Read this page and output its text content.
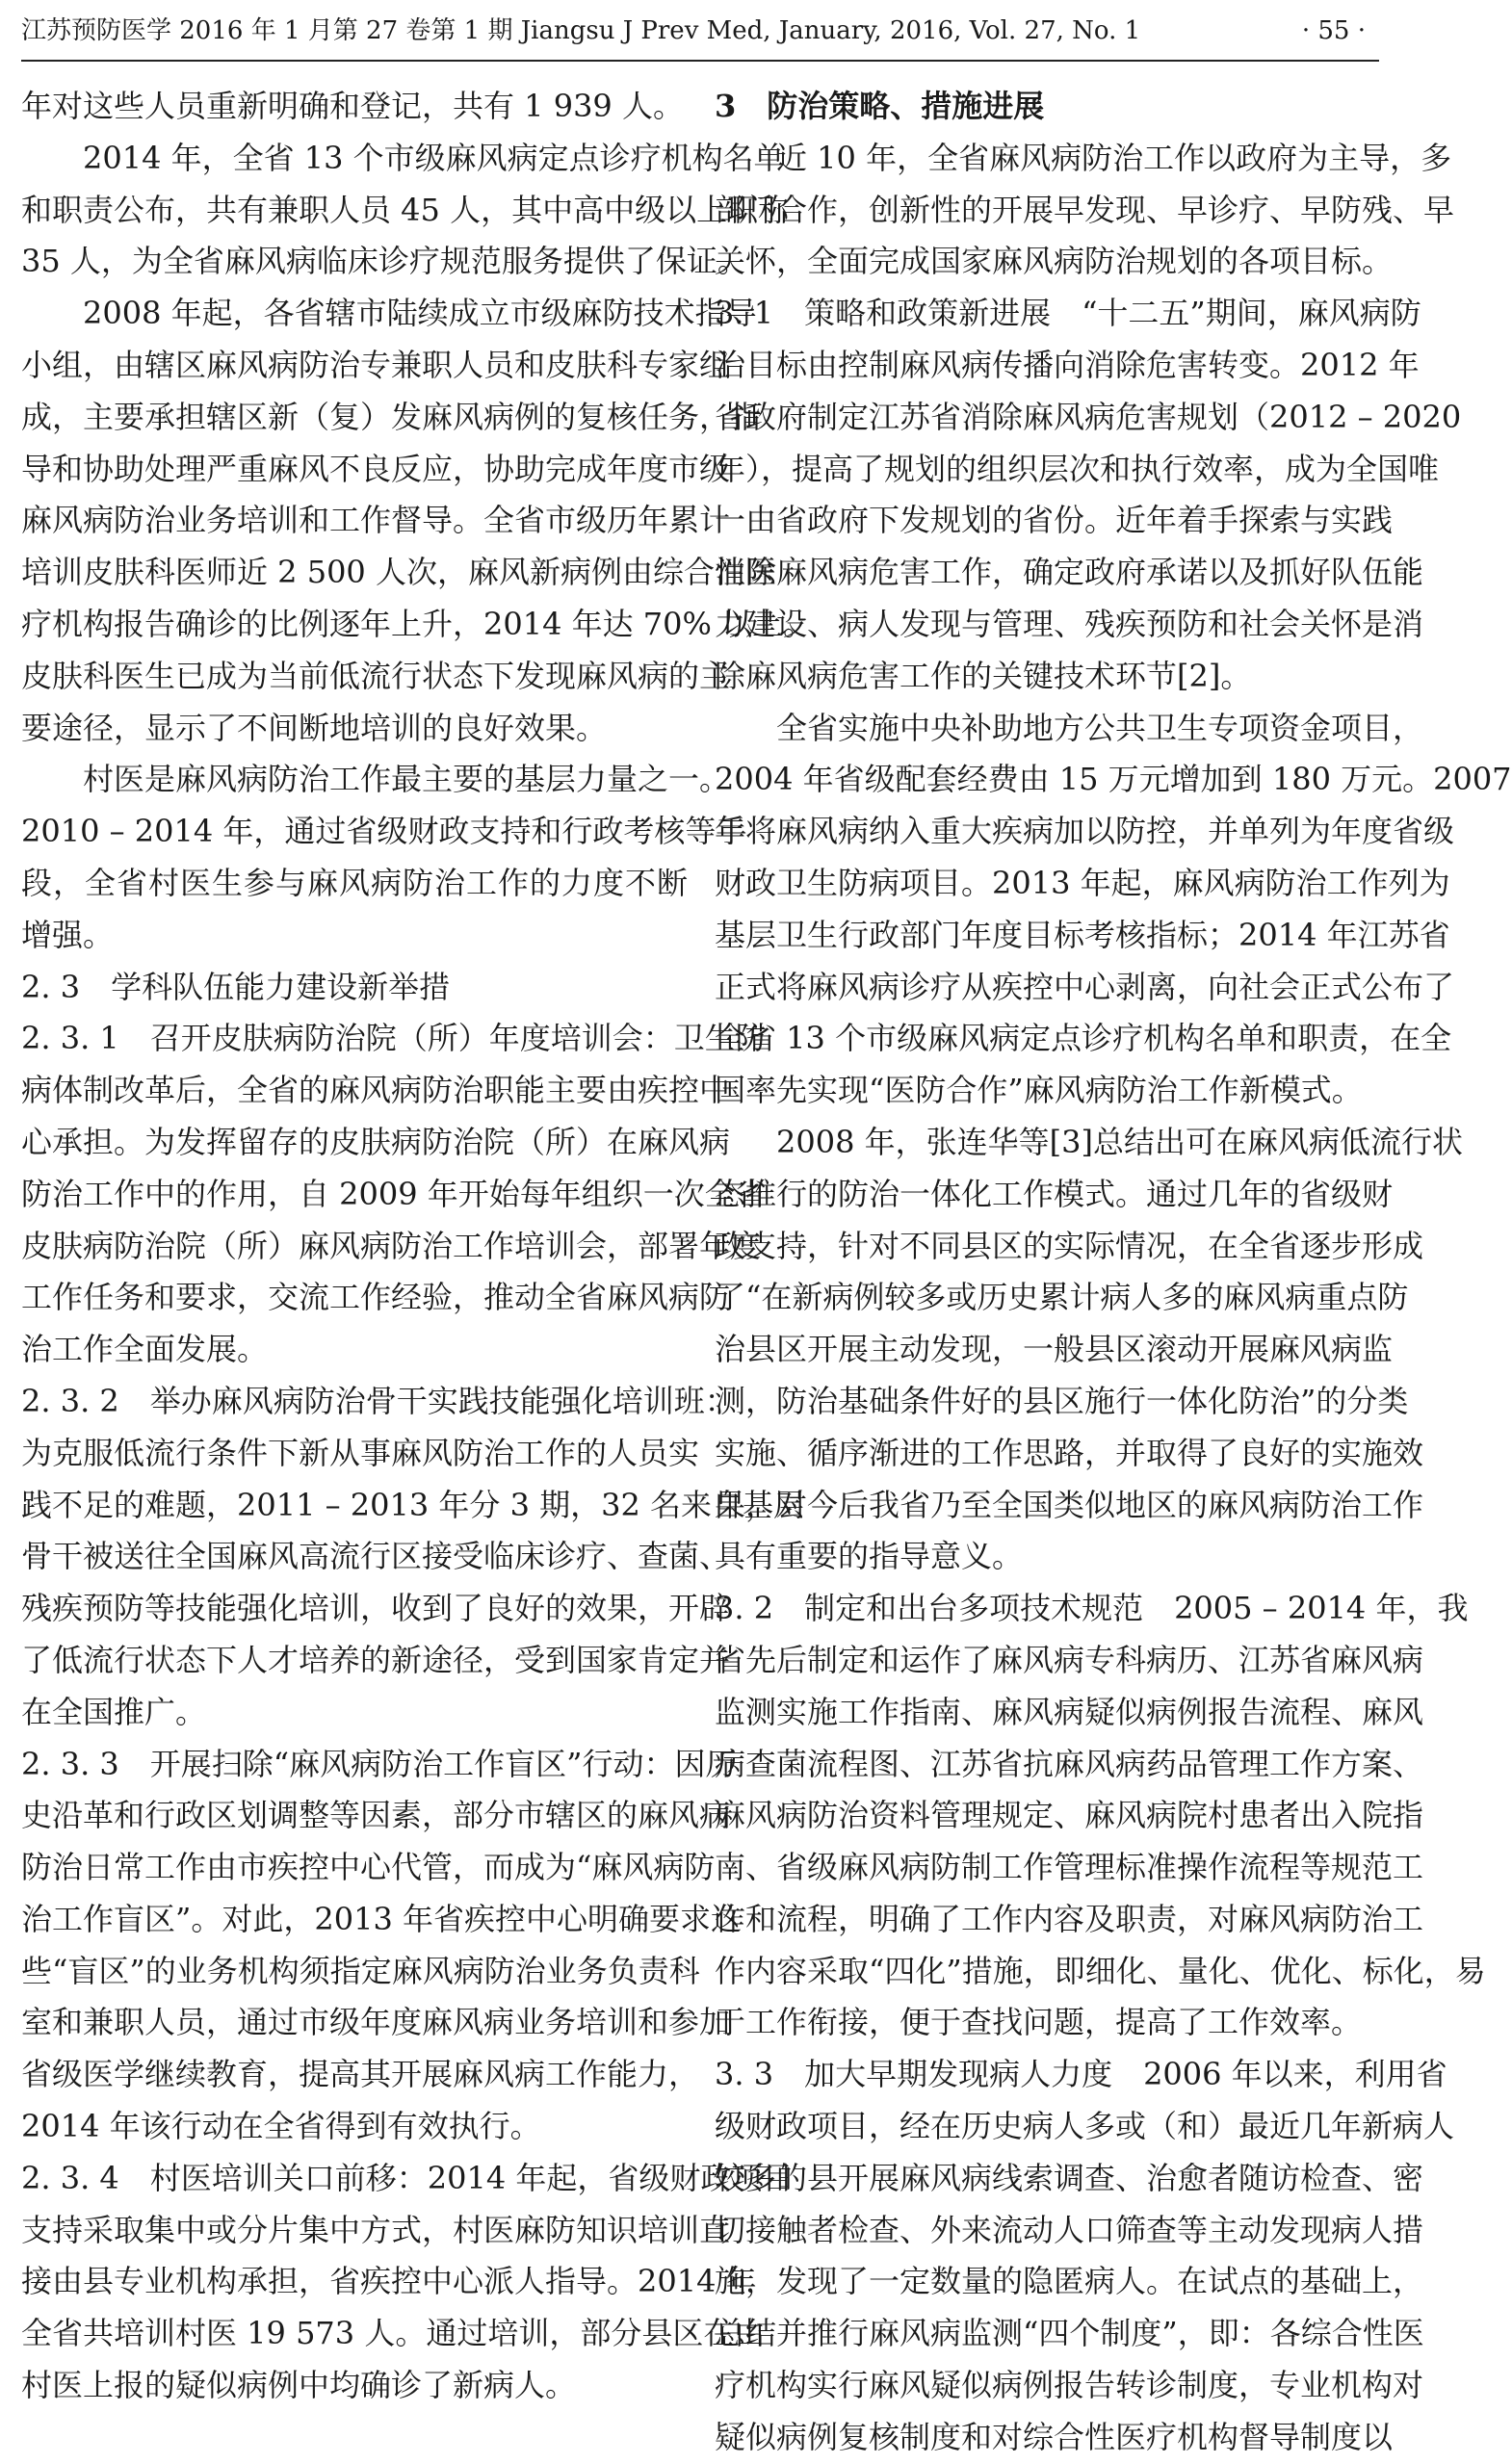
江苏预防医学 2016 年 1 月第 27 卷第 1 期 Jiangsu J Prev Med, January, 2016, Vol. 27, No. 1	· 55 ·
年对这些人员重新明确和登记，共有 1 939 人。
2014 年，全省 13 个市级麻风病定点诊疗机构名单
和职责公布，共有兼职人员 45 人，其中高中级以上职称
35 人，为全省麻风病临床诊疗规范服务提供了保证。
2008 年起，各省辖市陆续成立市级麻防技术指导
小组，由辖区麻风病防治专兼职人员和皮肤科专家组
成，主要承担辖区新（复）发麻风病例的复核任务，指
导和协助处理严重麻风不良反应，协助完成年度市级
麻风病防治业务培训和工作督导。全省市级历年累计
培训皮肤科医师近 2 500 人次，麻风新病例由综合性医
疗机构报告确诊的比例逐年上升，2014 年达 70% 以上。
皮肤科医生已成为当前低流行状态下发现麻风病的主
要途径，显示了不间断地培训的良好效果。
村医是麻风病防治工作最主要的基层力量之一。
2010 – 2014 年，通过省级财政支持和行政考核等手
段，全省村医生参与麻风病防治工作的力度不断
增强。
2. 3　学科队伍能力建设新举措
2. 3. 1　召开皮肤病防治院（所）年度培训会：卫生防
病体制改革后，全省的麻风病防治职能主要由疾控中
心承担。为发挥留存的皮肤病防治院（所）在麻风病
防治工作中的作用，自 2009 年开始每年组织一次全省
皮肤病防治院（所）麻风病防治工作培训会，部署年度
工作任务和要求，交流工作经验，推动全省麻风病防
治工作全面发展。
2. 3. 2　举办麻风病防治骨干实践技能强化培训班：
为克服低流行条件下新从事麻风防治工作的人员实
践不足的难题，2011 – 2013 年分 3 期，32 名来自基层
骨干被送往全国麻风高流行区接受临床诊疗、查菌、
残疾预防等技能强化培训，收到了良好的效果，开辟
了低流行状态下人才培养的新途径，受到国家肯定并
在全国推广。
2. 3. 3　开展扫除“麻风病防治工作盲区”行动：因历
史沿革和行政区划调整等因素，部分市辖区的麻风病
防治日常工作由市疾控中心代管，而成为“麻风病防
治工作盲区”。对此，2013 年省疾控中心明确要求这
些“盲区”的业务机构须指定麻风病防治业务负责科
室和兼职人员，通过市级年度麻风病业务培训和参加
省级医学继续教育，提高其开展麻风病工作能力，
2014 年该行动在全省得到有效执行。
2. 3. 4　村医培训关口前移：2014 年起，省级财政项目
支持采取集中或分片集中方式，村医麻防知识培训直
接由县专业机构承担，省疾控中心派人指导。2014 年
全省共培训村医 19 573 人。通过培训，部分县区在由
村医上报的疑似病例中均确诊了新病人。
3　防治策略、措施进展
近 10 年，全省麻风病防治工作以政府为主导，多
部门合作，创新性的开展早发现、早诊疗、早防残、早
关怀，全面完成国家麻风病防治规划的各项目标。
3. 1　策略和政策新进展　“十二五”期间，麻风病防
治目标由控制麻风病传播向消除危害转变。2012 年
省政府制定江苏省消除麻风病危害规划（2012 – 2020
年），提高了规划的组织层次和执行效率，成为全国唯
一由省政府下发规划的省份。近年着手探索与实践
消除麻风病危害工作，确定政府承诺以及抓好队伍能
力建设、病人发现与管理、残疾预防和社会关怀是消
除麻风病危害工作的关键技术环节[2]。
全省实施中央补助地方公共卫生专项资金项目，
2004 年省级配套经费由 15 万元增加到 180 万元。2007
年将麻风病纳入重大疾病加以防控，并单列为年度省级
财政卫生防病项目。2013 年起，麻风病防治工作列为
基层卫生行政部门年度目标考核指标；2014 年江苏省
正式将麻风病诊疗从疾控中心剥离，向社会正式公布了
全省 13 个市级麻风病定点诊疗机构名单和职责，在全
国率先实现“医防合作”麻风病防治工作新模式。
2008 年，张连华等[3]总结出可在麻风病低流行状
态推行的防治一体化工作模式。通过几年的省级财
政支持，针对不同县区的实际情况，在全省逐步形成
了“在新病例较多或历史累计病人多的麻风病重点防
治县区开展主动发现，一般县区滚动开展麻风病监
测，防治基础条件好的县区施行一体化防治”的分类
实施、循序渐进的工作思路，并取得了良好的实施效
果，对今后我省乃至全国类似地区的麻风病防治工作
具有重要的指导意义。
3. 2　制定和出台多项技术规范　2005 – 2014 年，我
省先后制定和运作了麻风病专科病历、江苏省麻风病
监测实施工作指南、麻风病疑似病例报告流程、麻风
病查菌流程图、江苏省抗麻风病药品管理工作方案、
麻风病防治资料管理规定、麻风病院村患者出入院指
南、省级麻风病防制工作管理标准操作流程等规范工
作和流程，明确了工作内容及职责，对麻风病防治工
作内容采取“四化”措施，即细化、量化、优化、标化，易
于工作衔接，便于查找问题，提高了工作效率。
3. 3　加大早期发现病人力度　2006 年以来，利用省
级财政项目，经在历史病人多或（和）最近几年新病人
较多的县开展麻风病线索调查、治愈者随访检查、密
切接触者检查、外来流动人口筛查等主动发现病人措
施，发现了一定数量的隐匿病人。在试点的基础上，
总结并推行麻风病监测“四个制度”，即：各综合性医
疗机构实行麻风疑似病例报告转诊制度，专业机构对
疑似病例复核制度和对综合性医疗机构督导制度以
